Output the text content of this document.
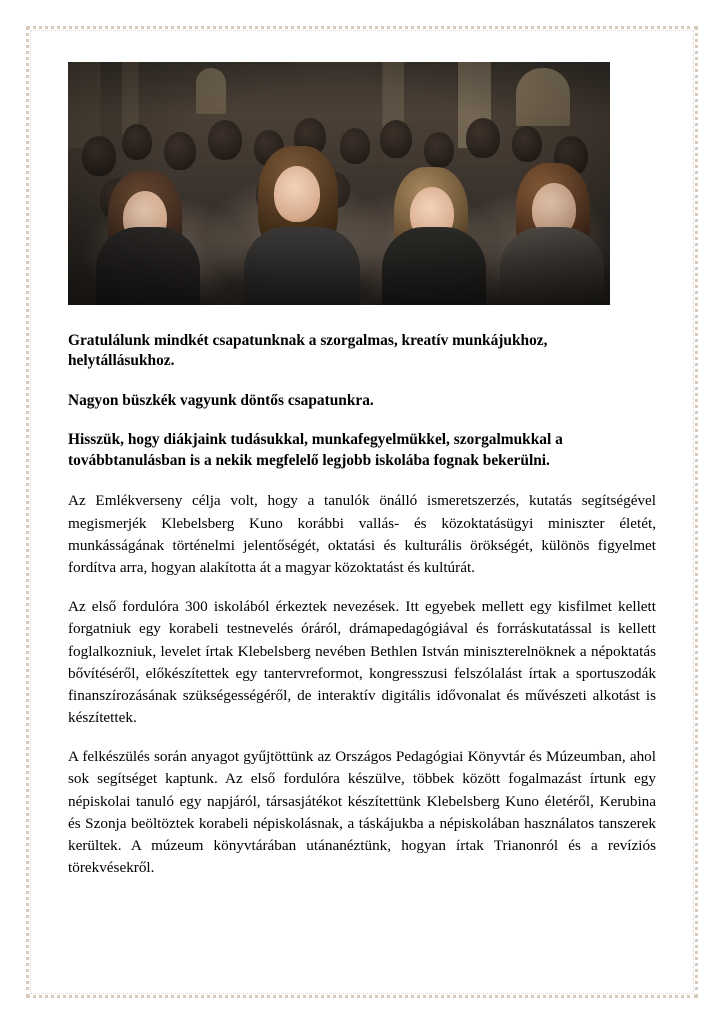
Gratulálunk mindkét csapatunknak a szorgalmas, kreatív munkájukhoz, helytállásukhoz.

Nagyon büszkék vagyunk döntős csapatunkra.

Hisszük, hogy diákjaink tudásukkal, munkafegyelmükkel, szorgalmukkal a továbbtanulásban is a nekik megfelelő legjobb iskolába fognak bekerülni.

Az Emlékverseny célja volt, hogy a tanulók önálló ismeretszerzés, kutatás segítségével megismerjék Klebelsberg Kuno korábbi vallás- és közoktatásügyi miniszter életét, munkásságának történelmi jelentőségét, oktatási és kulturális örökségét, különös figyelmet fordítva arra, hogyan alakította át a magyar közoktatást és kultúrát.

Az első fordulóra 300 iskolából érkeztek nevezések. Itt egyebek mellett egy kisfilmet kellett forgatniuk egy korabeli testnevelés óráról, drámapedagógiával és forráskutatással is kellett foglalkozniuk, levelet írtak Klebelsberg nevében Bethlen István miniszterelnöknek a népoktatás bővítéséről, előkészítettek egy tantervreformot, kongresszusi felszólalást írtak a sportuszodák finanszírozásának szükségességéről, de interaktív digitális idővonalat és művészeti alkotást is készítettek.

A felkészülés során anyagot gyűjtöttünk az Országos Pedagógiai Könyvtár és Múzeumban, ahol sok segítséget kaptunk. Az első fordulóra készülve, többek között fogalmazást írtunk egy népiskolai tanuló egy napjáról, társasjátékot készítettünk Klebelsberg Kuno életéről, Kerubina és Szonja beöltöztek korabeli népiskolásnak, a táskájukba a népiskolában használatos tanszerek kerültek. A múzeum könyvtárában utánanéztünk, hogyan írtak Trianonról és a revíziós törekvésekről.
